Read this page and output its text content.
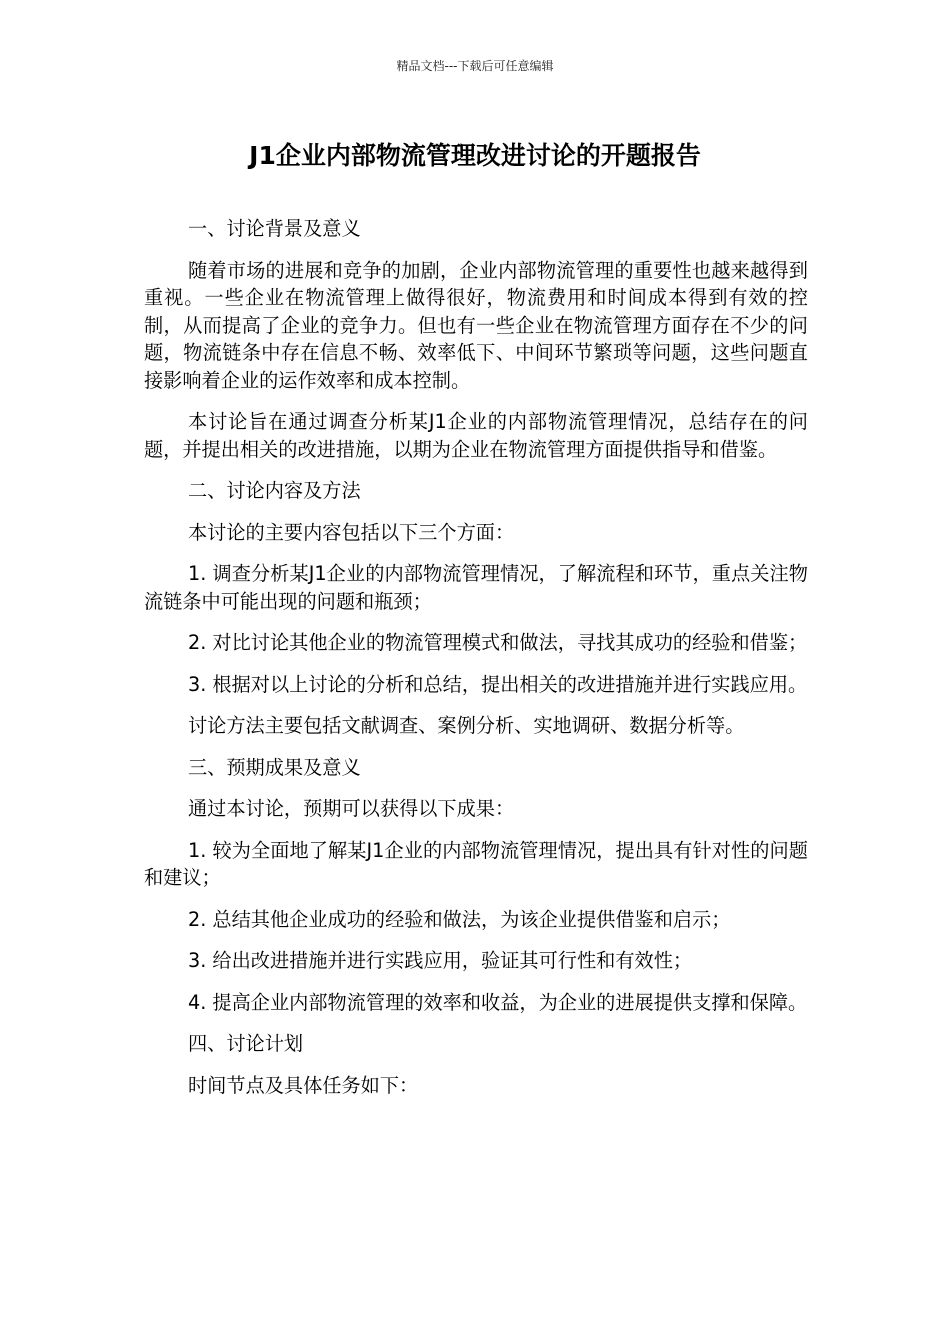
精品文档---下载后可任意编辑
J1企业内部物流管理改进讨论的开题报告

一、讨论背景及意义

随着市场的进展和竞争的加剧，企业内部物流管理的重要性也越来越得到重视。一些企业在物流管理上做得很好，物流费用和时间成本得到有效的控制，从而提高了企业的竞争力。但也有一些企业在物流管理方面存在不少的问题，物流链条中存在信息不畅、效率低下、中间环节繁琐等问题，这些问题直接影响着企业的运作效率和成本控制。

本讨论旨在通过调查分析某J1企业的内部物流管理情况，总结存在的问题，并提出相关的改进措施，以期为企业在物流管理方面提供指导和借鉴。

二、讨论内容及方法

本讨论的主要内容包括以下三个方面：

1. 调查分析某J1企业的内部物流管理情况，了解流程和环节，重点关注物流链条中可能出现的问题和瓶颈；

2. 对比讨论其他企业的物流管理模式和做法，寻找其成功的经验和借鉴；

3. 根据对以上讨论的分析和总结，提出相关的改进措施并进行实践应用。

讨论方法主要包括文献调查、案例分析、实地调研、数据分析等。

三、预期成果及意义

通过本讨论，预期可以获得以下成果：

1. 较为全面地了解某J1企业的内部物流管理情况，提出具有针对性的问题和建议；

2. 总结其他企业成功的经验和做法，为该企业提供借鉴和启示；

3. 给出改进措施并进行实践应用，验证其可行性和有效性；

4. 提高企业内部物流管理的效率和收益，为企业的进展提供支撑和保障。

四、讨论计划

时间节点及具体任务如下：
